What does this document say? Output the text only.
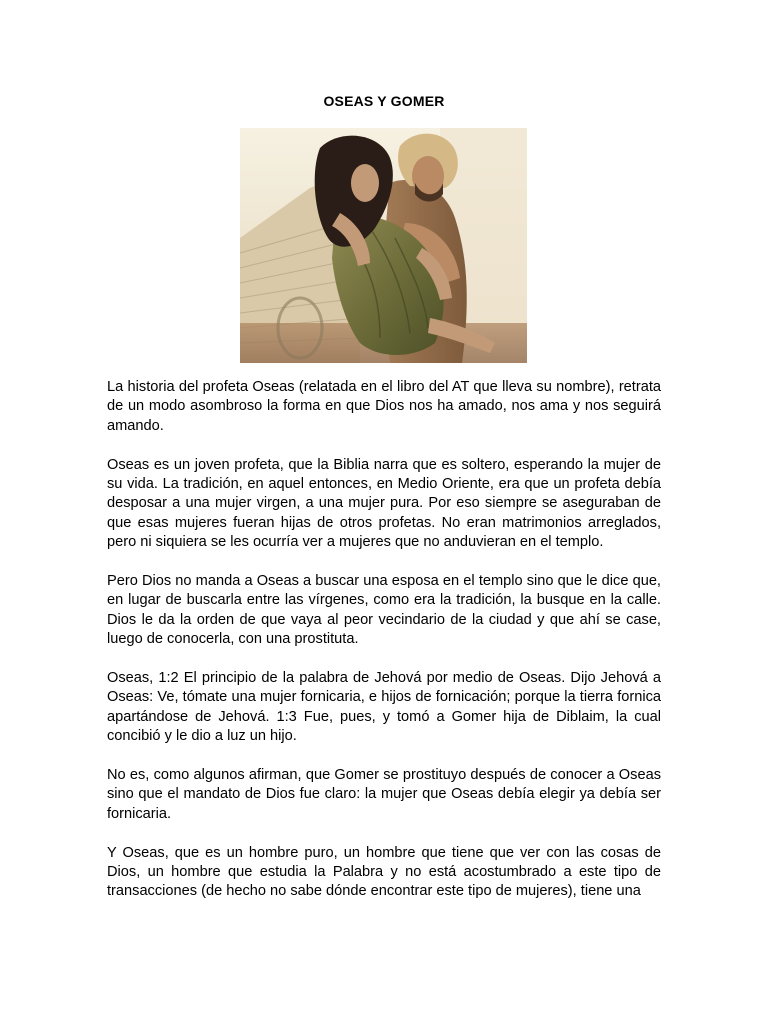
OSEAS Y GOMER

La historia del profeta Oseas (relatada en el libro del AT que lleva su nombre), retrata de un modo asombroso la forma en que Dios nos ha amado, nos ama y nos seguirá amando.

Oseas es un joven profeta, que la Biblia narra que es soltero, esperando la mujer de su vida. La tradición, en aquel entonces, en Medio Oriente, era que un profeta debía desposar a una mujer virgen, a una mujer pura. Por eso siempre se aseguraban de que esas mujeres fueran hijas de otros profetas. No eran matrimonios arreglados, pero ni siquiera se les ocurría ver a mujeres que no anduvieran en el templo.

Pero Dios no manda a Oseas a buscar una esposa en el templo sino que le dice que, en lugar de buscarla entre las vírgenes, como era la tradición, la busque en la calle. Dios le da la orden de que vaya al peor vecindario de la ciudad y que ahí se case, luego de conocerla, con una prostituta.

Oseas, 1:2 El principio de la palabra de Jehová por medio de Oseas. Dijo Jehová a Oseas: Ve, tómate una mujer fornicaria, e hijos de fornicación; porque la tierra fornica apartándose de Jehová. 1:3 Fue, pues, y tomó a Gomer hija de Diblaim, la cual concibió y le dio a luz un hijo.

No es, como algunos afirman, que Gomer se prostituyo después de conocer a Oseas sino que el mandato de Dios fue claro: la mujer que Oseas debía elegir ya debía ser fornicaria.

Y Oseas, que es un hombre puro, un hombre que tiene que ver con las cosas de Dios, un hombre que estudia la Palabra y no está acostumbrado a este tipo de transacciones (de hecho no sabe dónde encontrar este tipo de mujeres), tiene una
